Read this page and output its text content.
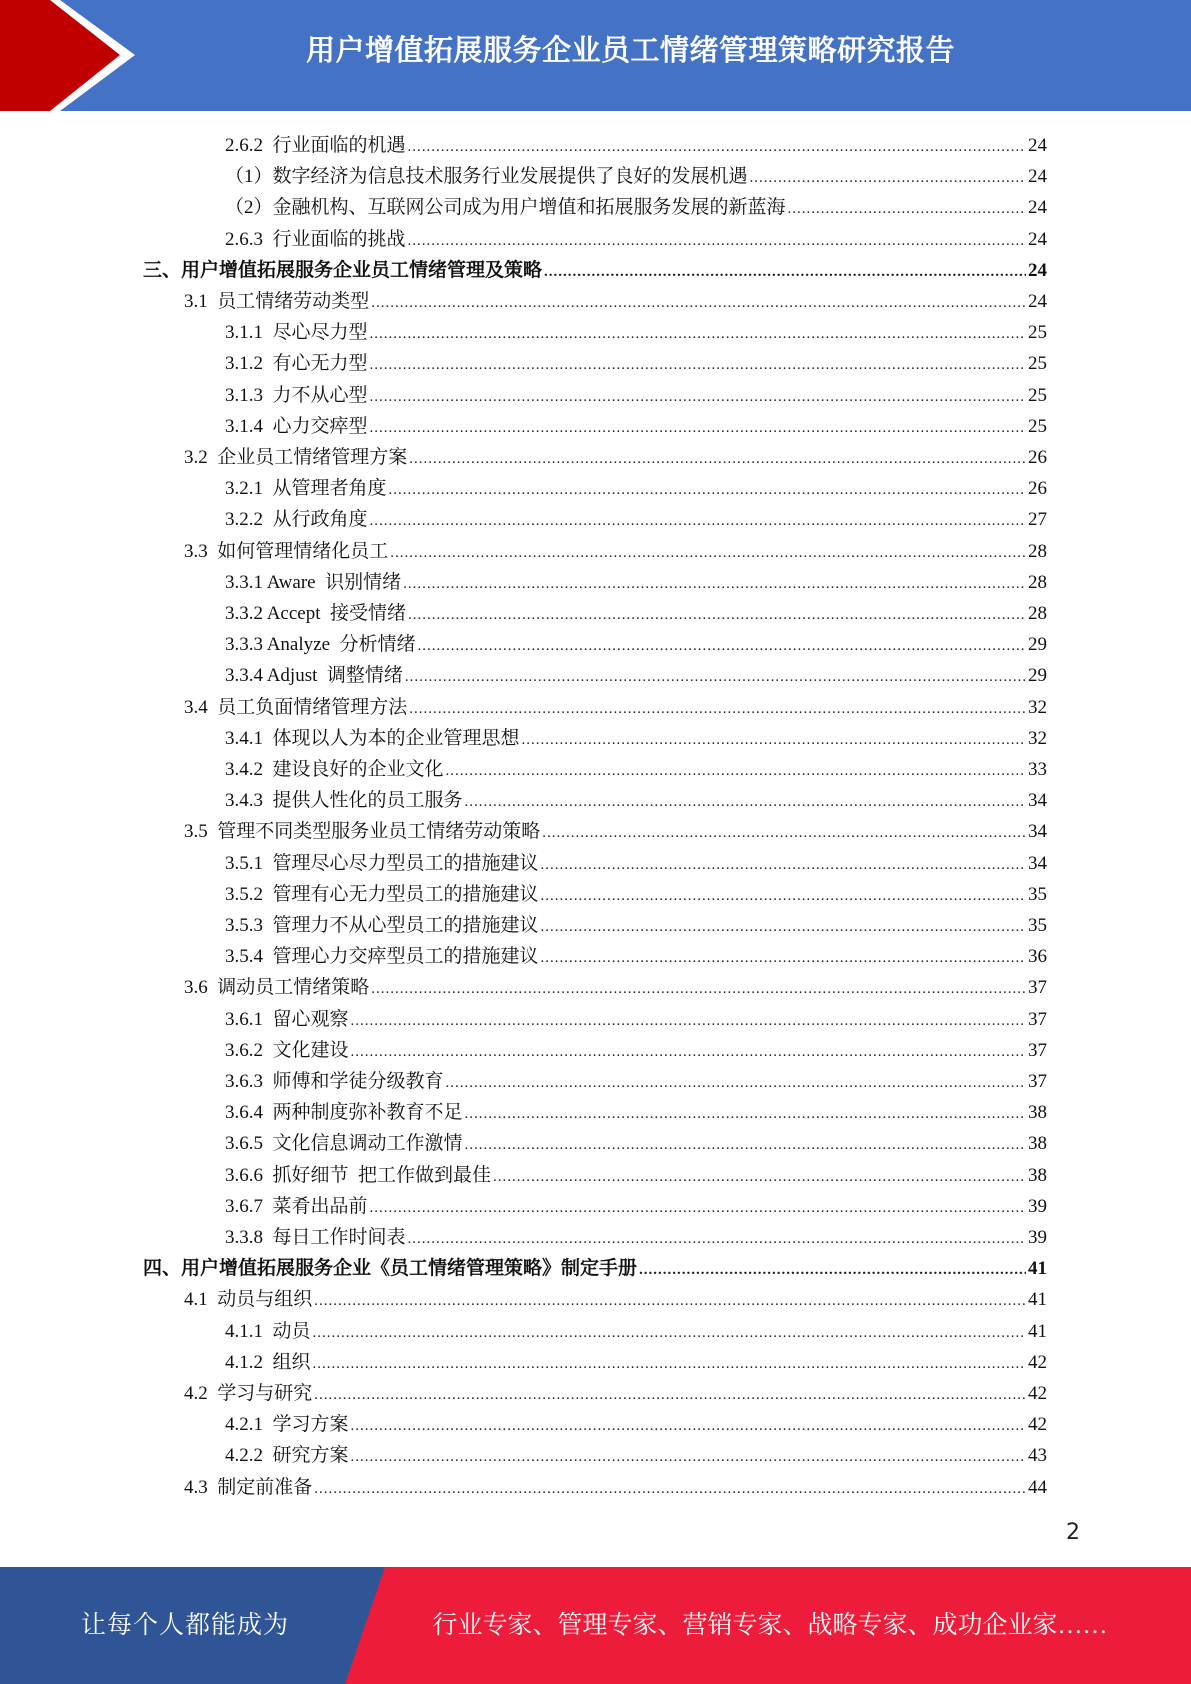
用户增值拓展服务企业员工情绪管理策略研究报告
2.6.2  行业面临的机遇 .....	24
（1）数字经济为信息技术服务行业发展提供了良好的发展机遇 .....	24
（2）金融机构、互联网公司成为用户增值和拓展服务发展的新蓝海 .....	24
2.6.3  行业面临的挑战 .....	24
三、用户增值拓展服务企业员工情绪管理及策略 .....	24
3.1  员工情绪劳动类型 .....	24
3.1.1  尽心尽力型 .....	25
3.1.2  有心无力型 .....	25
3.1.3  力不从心型 .....	25
3.1.4  心力交瘁型 .....	25
3.2  企业员工情绪管理方案 .....	26
3.2.1  从管理者角度 .....	26
3.2.2  从行政角度 .....	27
3.3  如何管理情绪化员工 .....	28
3.3.1 Aware  识别情绪 .....	28
3.3.2 Accept  接受情绪 .....	28
3.3.3 Analyze  分析情绪 .....	29
3.3.4 Adjust  调整情绪 .....	29
3.4  员工负面情绪管理方法 .....	32
3.4.1  体现以人为本的企业管理思想 .....	32
3.4.2  建设良好的企业文化 .....	33
3.4.3  提供人性化的员工服务 .....	34
3.5  管理不同类型服务业员工情绪劳动策略 .....	34
3.5.1  管理尽心尽力型员工的措施建议 .....	34
3.5.2  管理有心无力型员工的措施建议 .....	35
3.5.3  管理力不从心型员工的措施建议 .....	35
3.5.4  管理心力交瘁型员工的措施建议 .....	36
3.6  调动员工情绪策略 .....	37
3.6.1  留心观察 .....	37
3.6.2  文化建设 .....	37
3.6.3  师傅和学徒分级教育 .....	37
3.6.4  两种制度弥补教育不足 .....	38
3.6.5  文化信息调动工作激情 .....	38
3.6.6  抓好细节  把工作做到最佳 .....	38
3.6.7  菜肴出品前 .....	39
3.3.8  每日工作时间表 .....	39
四、用户增值拓展服务企业《员工情绪管理策略》制定手册 .....	41
4.1  动员与组织 .....	41
4.1.1  动员 .....	41
4.1.2  组织 .....	42
4.2  学习与研究 .....	42
4.2.1  学习方案 .....	42
4.2.2  研究方案 .....	43
4.3  制定前准备 .....	44
2
让每个人都能成为	行业专家、管理专家、营销专家、战略专家、成功企业家……
